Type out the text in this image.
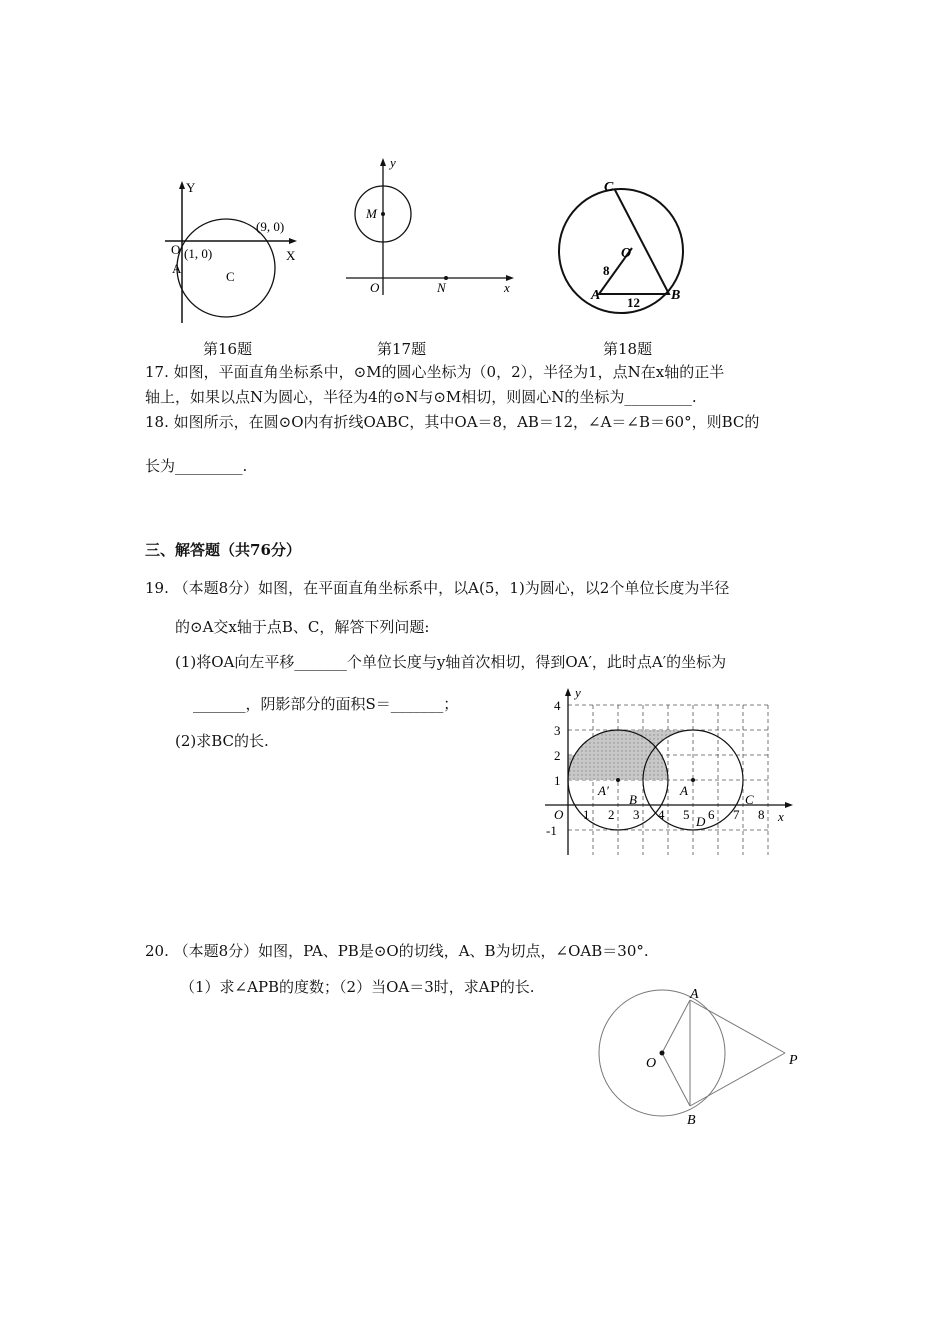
Y
X
O
A
C
(9, 0)
(1, 0)
第16题
y
x
O
M
N
第17题
C
O
A	B
8
12
第18题
17. 如图，平面直角坐标系中，⊙M的圆心坐标为（0，2），半径为1，点N在x轴的正半
轴上，如果以点N为圆心，半径为4的⊙N与⊙M相切，则圆心N的坐标为_________.
18. 如图所示，在圆⊙O内有折线OABC，其中OA＝8，AB＝12，∠A＝∠B＝60°，则BC的
长为_________.
三、解答题（共76分）
19. （本题8分）如图，在平面直角坐标系中，以A(5，1)为圆心，以2个单位长度为半径
的⊙A交x轴于点B、C，解答下列问题:
(1)将OA向左平移_______个单位长度与y轴首次相切，得到OA′，此时点A′的坐标为
_______，阴影部分的面积S＝_______；
(2)求BC的长.
4
3
2
1
-1
1 2 3 4 5 6 7 8
O	x
y
A
A′
B	C
D
20. （本题8分）如图，PA、PB是⊙O的切线，A、B为切点，∠OAB＝30°.
（1）求∠APB的度数；（2）当OA＝3时，求AP的长.	A
B
O	P
